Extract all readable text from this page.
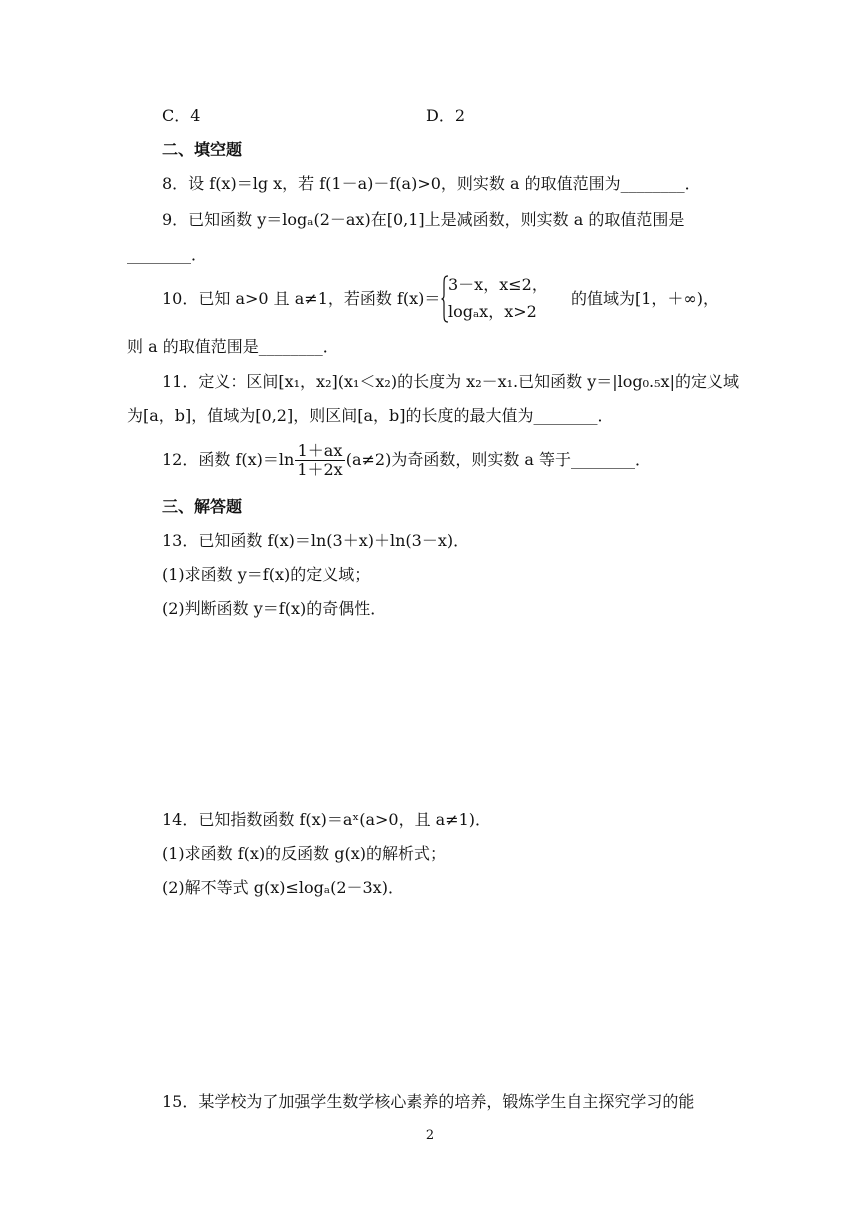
C．4	D．2
二、填空题
8．设 f(x)＝lg x，若 f(1－a)－f(a)>0，则实数 a 的取值范围为________．
9．已知函数 y＝logₐ(2－ax)在[0,1]上是减函数，则实数 a 的取值范围是
________．
10．已知 a>0 且 a≠1，若函数 f(x)＝
3－x，x≤2，
logₐx，x>2
的值域为[1，＋∞)，
则 a 的取值范围是________．
11．定义：区间[x₁，x₂](x₁＜x₂)的长度为 x₂－x₁.已知函数 y＝|log₀.₅x|的定义域
为[a，b]，值域为[0,2]，则区间[a，b]的长度的最大值为________．
12．函数 $f(x)=\ln \frac{1+ax}{1+2x} (a\ne 2)$为奇函数，则实数 a 等于________．
三、解答题
13．已知函数 f(x)＝ln(3＋x)＋ln(3－x)．
(1)求函数 y＝f(x)的定义域；
(2)判断函数 y＝f(x)的奇偶性．
14．已知指数函数 f(x)＝aˣ(a>0，且 a≠1)．
(1)求函数 f(x)的反函数 g(x)的解析式；
(2)解不等式 g(x)≤logₐ(2－3x)．
15．某学校为了加强学生数学核心素养的培养，锻炼学生自主探究学习的能
2
